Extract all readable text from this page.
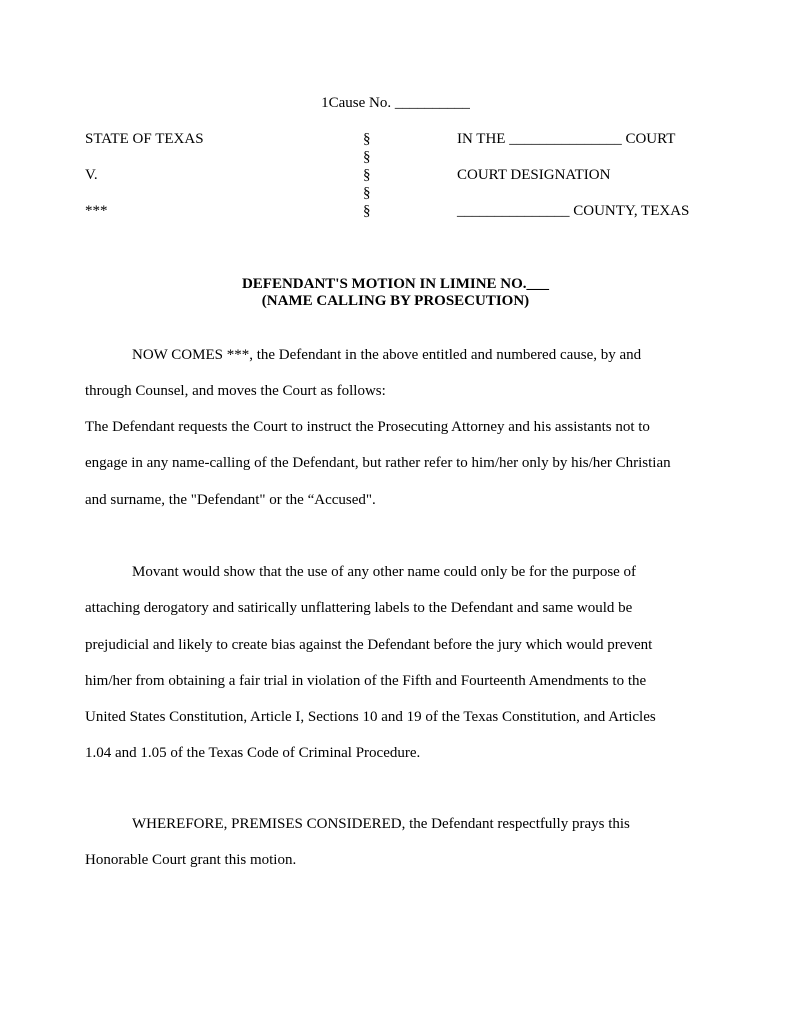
1Cause No. __________
STATE OF TEXAS
V.
***
§
§
§
§
§
IN THE _______________ COURT
COURT DESIGNATION
_______________ COUNTY, TEXAS
DEFENDANT'S MOTION IN LIMINE NO.___
(NAME CALLING BY PROSECUTION)

NOW COMES ***, the Defendant in the above entitled and numbered cause, by and

through Counsel, and moves the Court as follows:

The Defendant requests the Court to instruct the Prosecuting Attorney and his assistants not to

engage in any name-calling of the Defendant, but rather refer to him/her only by his/her Christian

and surname, the "Defendant" or the “Accused".

Movant would show that the use of any other name could only be for the purpose of

attaching derogatory and satirically unflattering labels to the Defendant and same would be

prejudicial and likely to create bias against the Defendant before the jury which would prevent

him/her from obtaining a fair trial in violation of the Fifth and Fourteenth Amendments to the

United States Constitution, Article I, Sections 10 and 19 of the Texas Constitution, and Articles

1.04 and 1.05 of the Texas Code of Criminal Procedure.

WHEREFORE, PREMISES CONSIDERED, the Defendant respectfully prays this

Honorable Court grant this motion.
